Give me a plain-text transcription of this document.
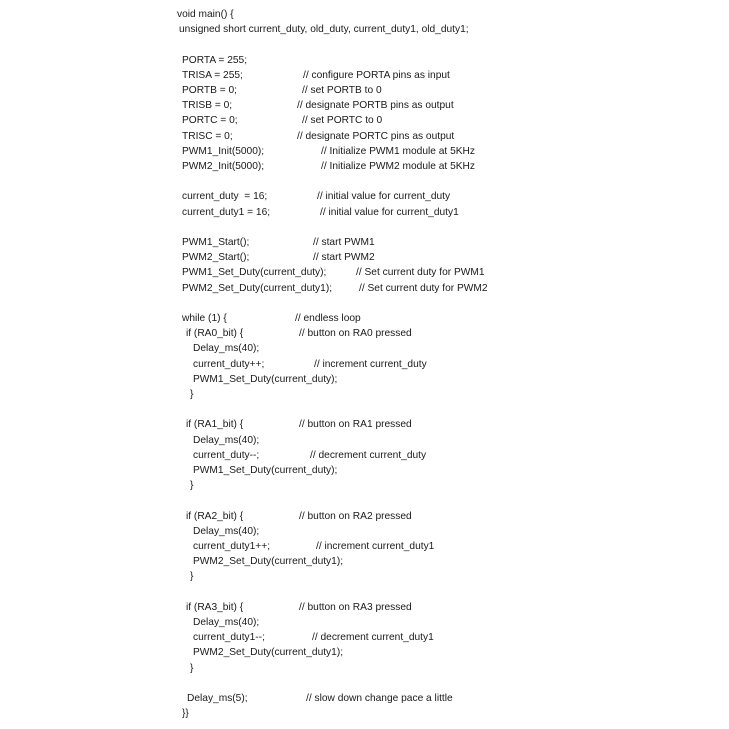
void main() {
unsigned short current_duty, old_duty, current_duty1, old_duty1;
PORTA = 255;
TRISA = 255;	// configure PORTA pins as input
PORTB = 0;	// set PORTB to 0
TRISB = 0;	// designate PORTB pins as output
PORTC = 0;	// set PORTC to 0
TRISC = 0;	// designate PORTC pins as output
PWM1_Init(5000);	// Initialize PWM1 module at 5KHz
PWM2_Init(5000);	// Initialize PWM2 module at 5KHz
current_duty  = 16;	// initial value for current_duty
current_duty1 = 16;	// initial value for current_duty1
PWM1_Start();	// start PWM1
PWM2_Start();	// start PWM2
PWM1_Set_Duty(current_duty);	// Set current duty for PWM1
PWM2_Set_Duty(current_duty1);	// Set current duty for PWM2
while (1) {	// endless loop
if (RA0_bit) {	// button on RA0 pressed
Delay_ms(40);
current_duty++;	// increment current_duty
PWM1_Set_Duty(current_duty);
}
if (RA1_bit) {	// button on RA1 pressed
Delay_ms(40);
current_duty--;	// decrement current_duty
PWM1_Set_Duty(current_duty);
}
if (RA2_bit) {	// button on RA2 pressed
Delay_ms(40);
current_duty1++;	// increment current_duty1
PWM2_Set_Duty(current_duty1);
}
if (RA3_bit) {	// button on RA3 pressed
Delay_ms(40);
current_duty1--;	// decrement current_duty1
PWM2_Set_Duty(current_duty1);
}
Delay_ms(5);	// slow down change pace a little
}}
